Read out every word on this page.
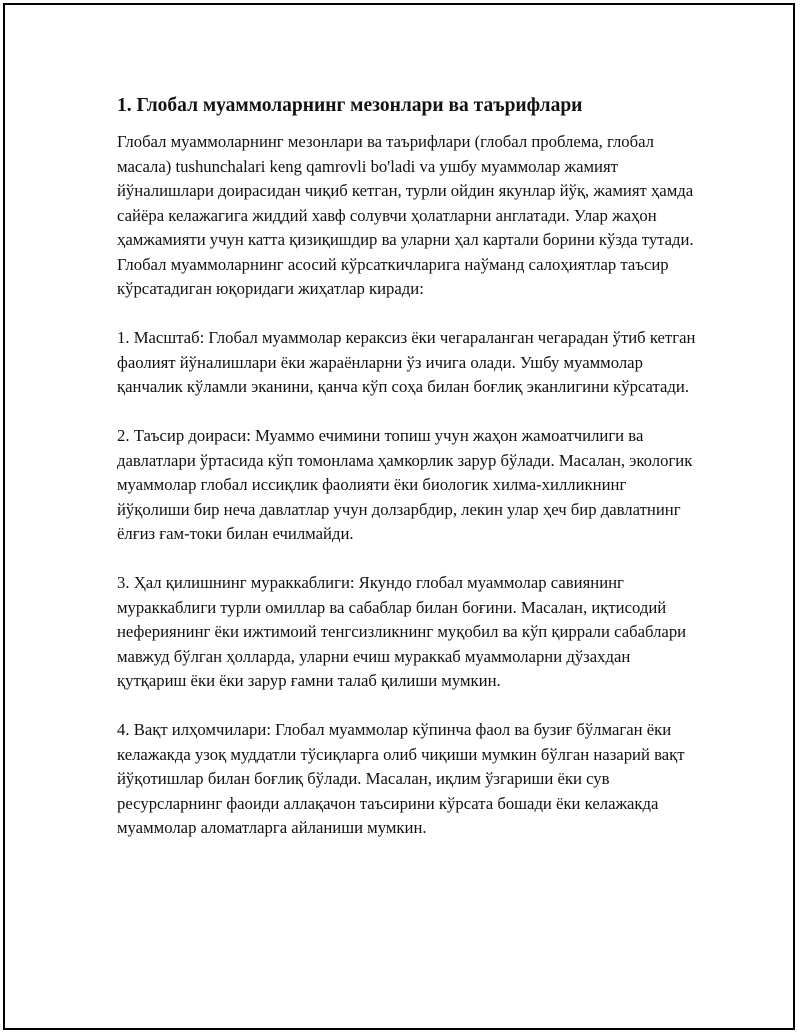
1. Глобал муаммоларнинг мезонлари ва таърифлари

Глобал муаммоларнинг мезонлари ва таърифлари (глобал проблема, глобал масала) tushunchalari keng qamrovli bo'ladi va ушбу муаммолар жамият йўналишлари доирасидан чиқиб кетган, турли ойдин якунлар йўқ, жамият ҳамда сайёра келажагига жиддий хавф солувчи ҳолатларни англатади. Улар жаҳон ҳамжамияти учун катта қизиқишдир ва уларни ҳал картали борини кўзда тутади. Глобал муаммоларнинг асосий кўрсаткичларига наўманд салоҳиятлар таъсир кўрсатадиган юқоридаги жиҳатлар киради:

1. Масштаб: Глобал муаммолар кераксиз ёки чегараланган чегарадан ўтиб кетган фаолият йўналишлари ёки жараёнларни ўз ичига олади. Ушбу муаммолар қанчалик кўламли эканини, қанча кўп соҳа билан боғлиқ эканлигини кўрсатади.

2. Таъсир доираси: Муаммо ечимини топиш учун жаҳон жамоатчилиги ва давлатлари ўртасида кўп томонлама ҳамкорлик зарур бўлади. Масалан, экологик муаммолар глобал иссиқлик фаолияти ёки биологик хилма-хилликнинг йўқолиши бир неча давлатлар учун долзарбдир, лекин улар ҳеч бир давлатнинг ёлғиз ғам-токи билан ечилмайди.

3. Ҳал қилишнинг мураккаблиги: Якундо глобал муаммолар савиянинг мураккаблиги турли омиллар ва сабаблар билан боғини. Масалан, иқтисодий нефериянинг ёки ижтимоий тенгсизликнинг муқобил ва кўп қиррали сабаблари мавжуд бўлган ҳолларда, уларни ечиш мураккаб муаммоларни дўзахдан қутқариш ёки ёки зарур ғамни талаб қилиши мумкин.

4. Вақт илҳомчилари: Глобал муаммолар кўпинча фаол ва бузиғ бўлмаган ёки келажакда узоқ муддатли тўсиқларга олиб чиқиши мумкин бўлган назарий вақт йўқотишлар билан боғлиқ бўлади. Масалан, иқлим ўзгариши ёки сув ресурсларнинг фаоиди аллақачон таъсирини кўрсата бошади ёки келажакда муаммолар аломатларга айланиши мумкин.
